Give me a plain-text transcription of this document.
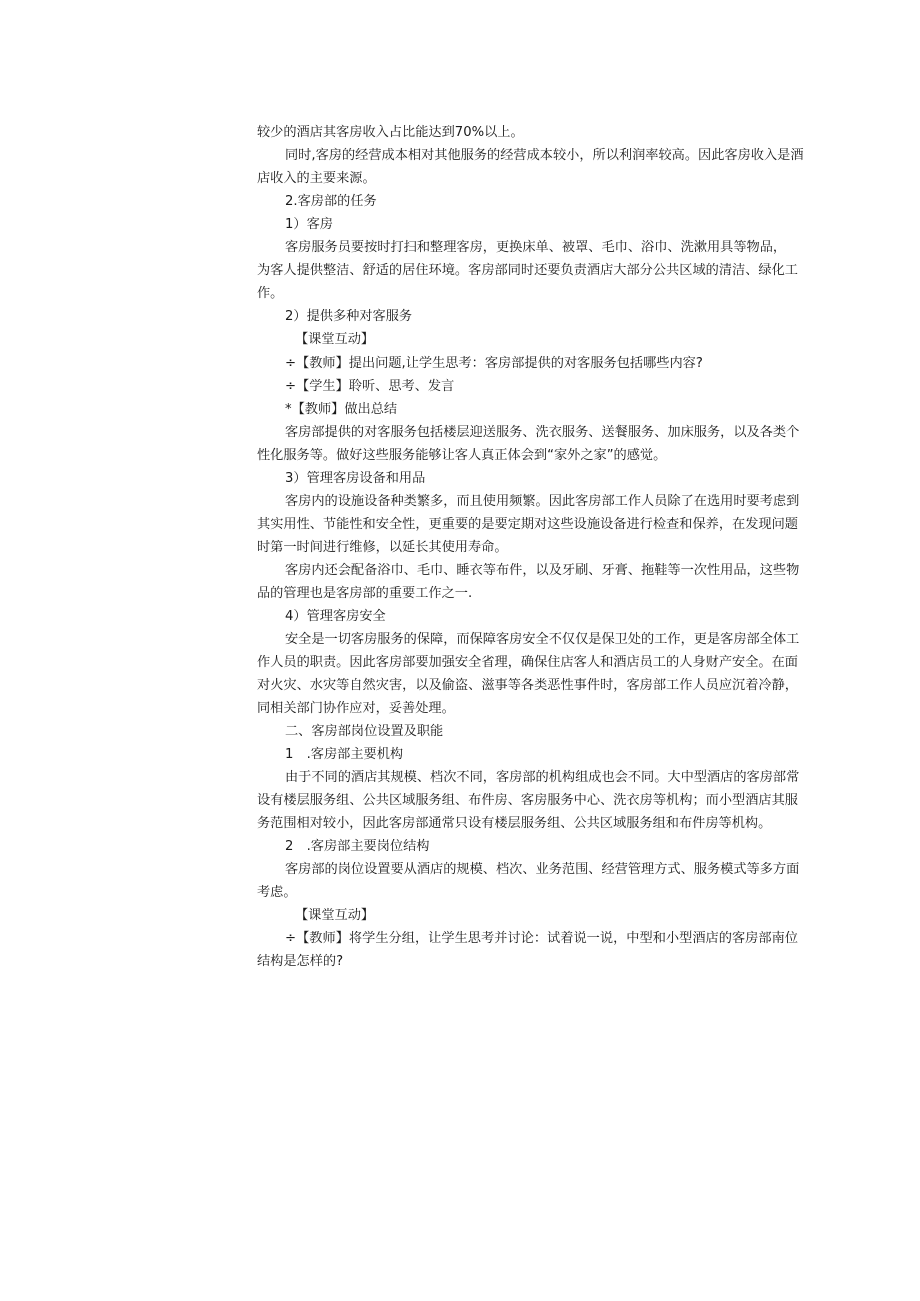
较少的酒店其客房收入占比能达到70%以上。
同时,客房的经营成本相对其他服务的经营成本较小，所以利润率较高。因此客房收入是酒
店收入的主要来源。
2.客房部的任务
1）客房
客房服务员要按时打扫和整理客房，更换床单、被罩、毛巾、浴巾、洗漱用具等物品，
为客人提供整洁、舒适的居住环境。客房部同时还要负责酒店大部分公共区域的清洁、绿化工
作。
2）提供多种对客服务
【课堂互动】
÷【教师】提出问题,让学生思考：客房部提供的对客服务包括哪些内容?
÷【学生】聆听、思考、发言
*【教师】做出总结
客房部提供的对客服务包括楼层迎送服务、洗衣服务、送餐服务、加床服务，以及各类个
性化服务等。做好这些服务能够让客人真正体会到“家外之家”的感觉。
3）管理客房设备和用品
客房内的设施设备种类繁多，而且使用频繁。因此客房部工作人员除了在选用时要考虑到
其实用性、节能性和安全性，更重要的是要定期对这些设施设备进行检查和保养，在发现问题
时第一时间进行维修，以延长其使用寿命。
客房内还会配备浴巾、毛巾、睡衣等布件，以及牙刷、牙膏、拖鞋等一次性用品，这些物
品的管理也是客房部的重要工作之一.
4）管理客房安全
安全是一切客房服务的保障，而保障客房安全不仅仅是保卫处的工作，更是客房部全体工
作人员的职责。因此客房部要加强安全省理，确保住店客人和酒店员工的人身财产安全。在面
对火灾、水灾等自然灾害，以及偷盗、滋事等各类恶性事件时，客房部工作人员应沉着冷静，
同相关部门协作应对，妥善处理。
二、客房部岗位设置及职能
1　.客房部主要机构
由于不同的酒店其规模、档次不同，客房部的机构组成也会不同。大中型酒店的客房部常
设有楼层服务组、公共区域服务组、布件房、客房服务中心、洗衣房等机构；而小型酒店其服
务范围相对较小，因此客房部通常只设有楼层服务组、公共区域服务组和布件房等机构。
2　.客房部主要岗位结构
客房部的岗位设置要从酒店的规模、档次、业务范围、经营管理方式、服务模式等多方面
考虑。
【课堂互动】
÷【教师】将学生分组，让学生思考并讨论：试着说一说，中型和小型酒店的客房部南位
结构是怎样的?
